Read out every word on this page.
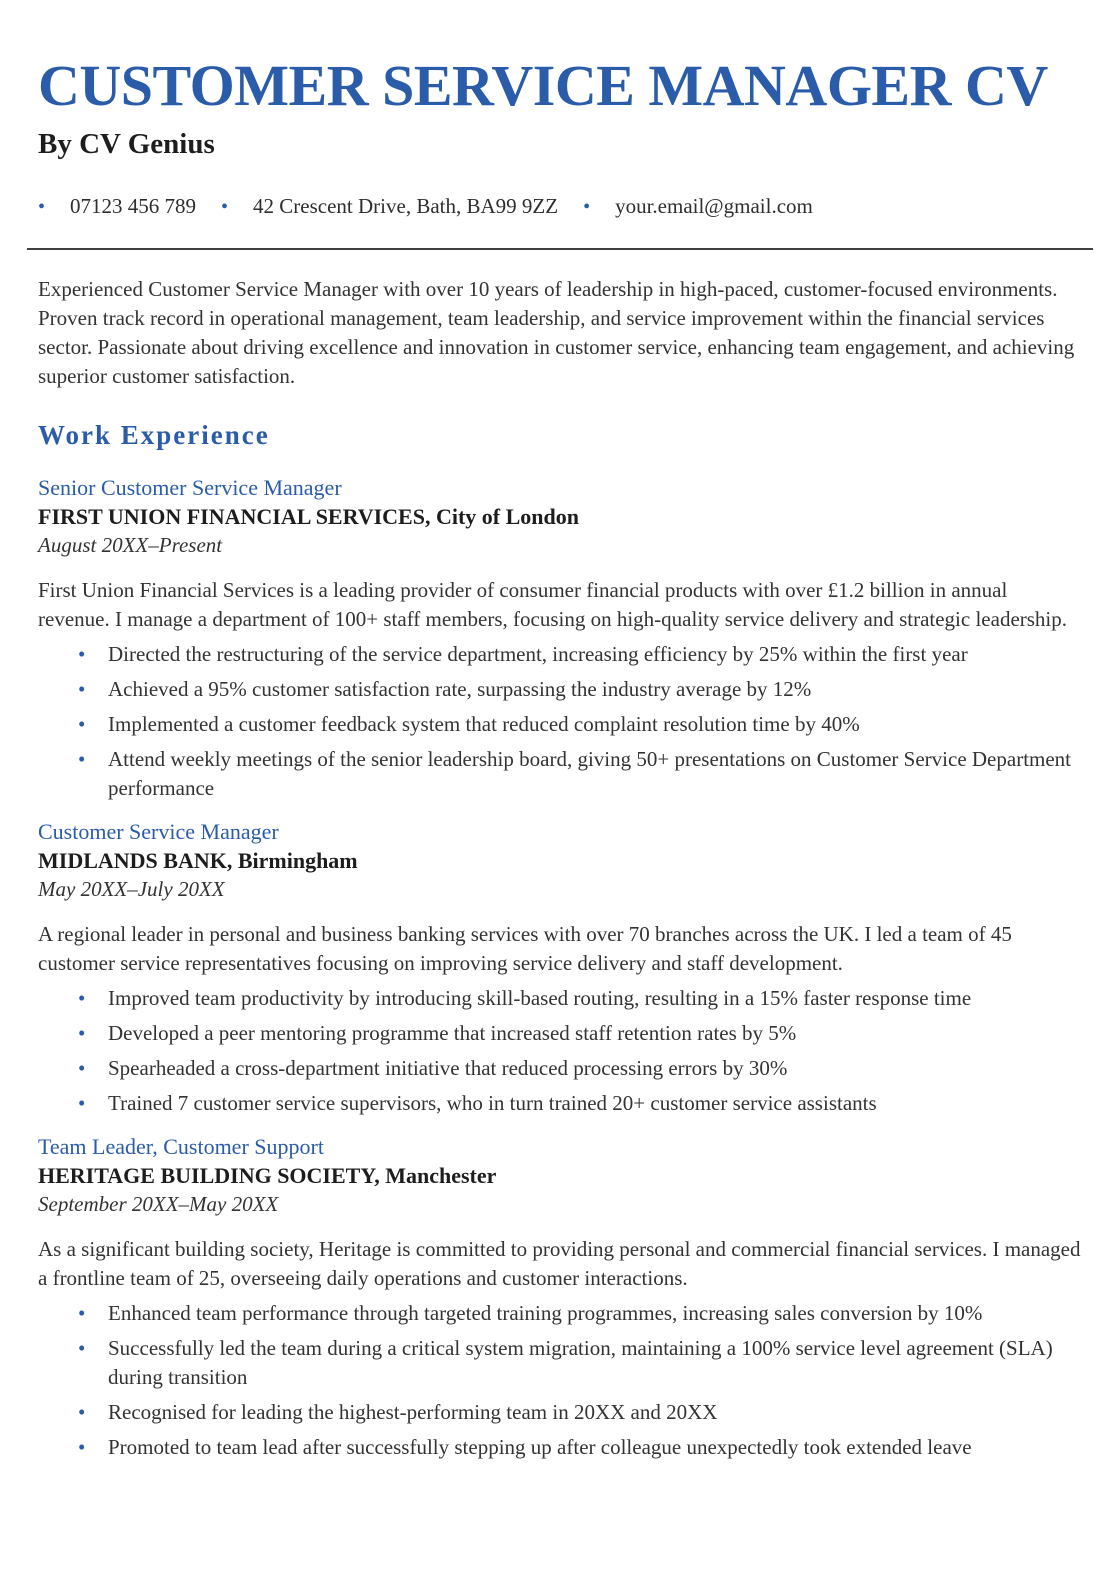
CUSTOMER SERVICE MANAGER CV

By CV Genius

• 07123 456 789 • 42 Crescent Drive, Bath, BA99 9ZZ • your.email@gmail.com

Experienced Customer Service Manager with over 10 years of leadership in high-paced, customer-focused environments. Proven track record in operational management, team leadership, and service improvement within the financial services sector. Passionate about driving excellence and innovation in customer service, enhancing team engagement, and achieving superior customer satisfaction.

Work Experience
Senior Customer Service Manager

FIRST UNION FINANCIAL SERVICES, City of London

August 20XX–Present

First Union Financial Services is a leading provider of consumer financial products with over £1.2 billion in annual revenue. I manage a department of 100+ staff members, focusing on high-quality service delivery and strategic leadership.

• Directed the restructuring of the service department, increasing efficiency by 25% within the first year
• Achieved a 95% customer satisfaction rate, surpassing the industry average by 12%
• Implemented a customer feedback system that reduced complaint resolution time by 40%
• Attend weekly meetings of the senior leadership board, giving 50+ presentations on Customer Service Department performance
Customer Service Manager

MIDLANDS BANK, Birmingham

May 20XX–July 20XX

A regional leader in personal and business banking services with over 70 branches across the UK. I led a team of 45 customer service representatives focusing on improving service delivery and staff development.

• Improved team productivity by introducing skill-based routing, resulting in a 15% faster response time
• Developed a peer mentoring programme that increased staff retention rates by 5%
• Spearheaded a cross-department initiative that reduced processing errors by 30%
• Trained 7 customer service supervisors, who in turn trained 20+ customer service assistants
Team Leader, Customer Support

HERITAGE BUILDING SOCIETY, Manchester

September 20XX–May 20XX

As a significant building society, Heritage is committed to providing personal and commercial financial services. I managed a frontline team of 25, overseeing daily operations and customer interactions.

• Enhanced team performance through targeted training programmes, increasing sales conversion by 10%
• Successfully led the team during a critical system migration, maintaining a 100% service level agreement (SLA) during transition
• Recognised for leading the highest-performing team in 20XX and 20XX
• Promoted to team lead after successfully stepping up after colleague unexpectedly took extended leave
